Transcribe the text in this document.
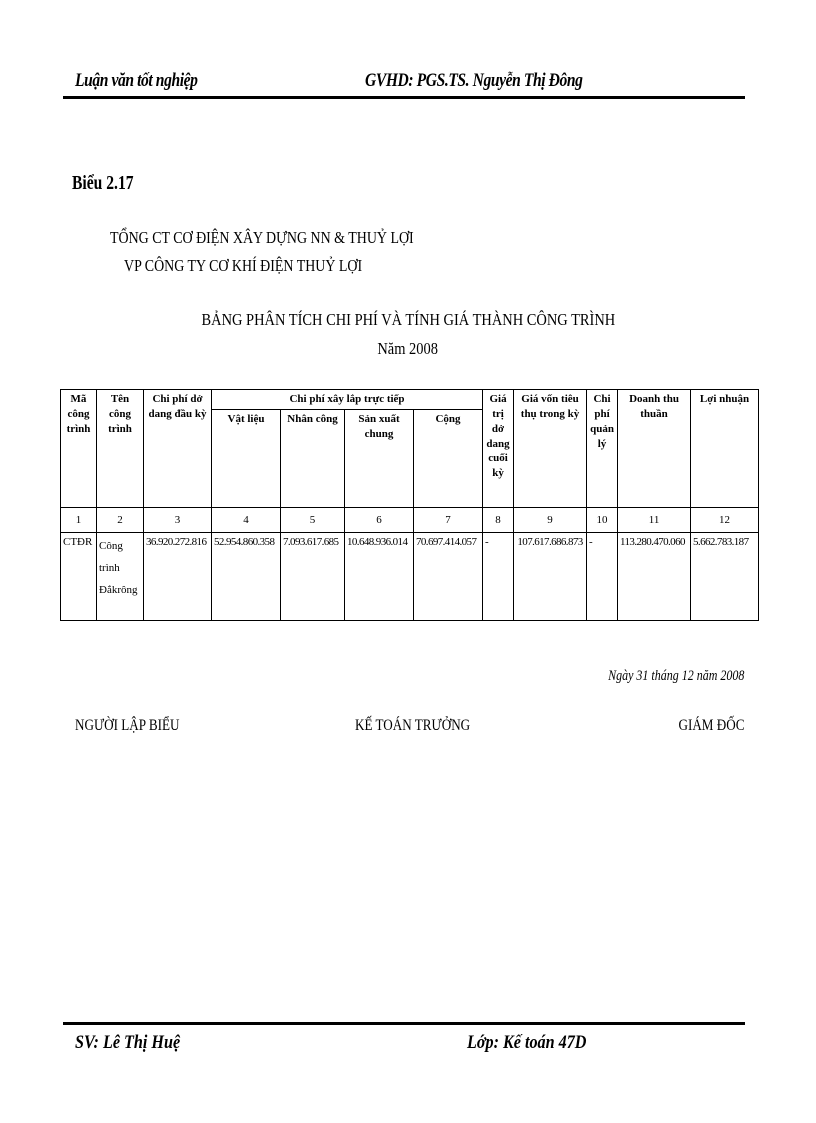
Luận văn tốt nghiệp	GVHD: PGS.TS. Nguyễn Thị Đông
Biểu 2.17
TỔNG CT CƠ ĐIỆN XÂY DỰNG NN & THUỶ LỢI
VP CÔNG TY CƠ KHÍ ĐIỆN THUỶ LỢI
BẢNG PHÂN TÍCH CHI PHÍ VÀ TÍNH GIÁ THÀNH CÔNG TRÌNH
Năm 2008
Mã công trình	Tên công trình	Chi phí dở dang đầu kỳ	Chi phí xây lắp trực tiếp				Giá trị dở dang cuối kỳ	Giá vốn tiêu thụ trong kỳ	Chi phí quản lý	Doanh thu thuần	Lợi nhuận
			Vật liệu	Nhân công	Sản xuất chung	Cộng					
1	2	3	4	5	6	7	8	9	10	11	12
CTĐR	Công trình Đắkrông	36.920.272.816	52.954.860.358	7.093.617.685	10.648.936.014	70.697.414.057	-	107.617.686.873	-	113.280.470.060	5.662.783.187
Ngày 31 tháng 12 năm 2008
NGƯỜI LẬP BIỂU	KẾ TOÁN TRƯỞNG	GIÁM ĐỐC
SV: Lê Thị Huệ	Lớp: Kế toán 47D
